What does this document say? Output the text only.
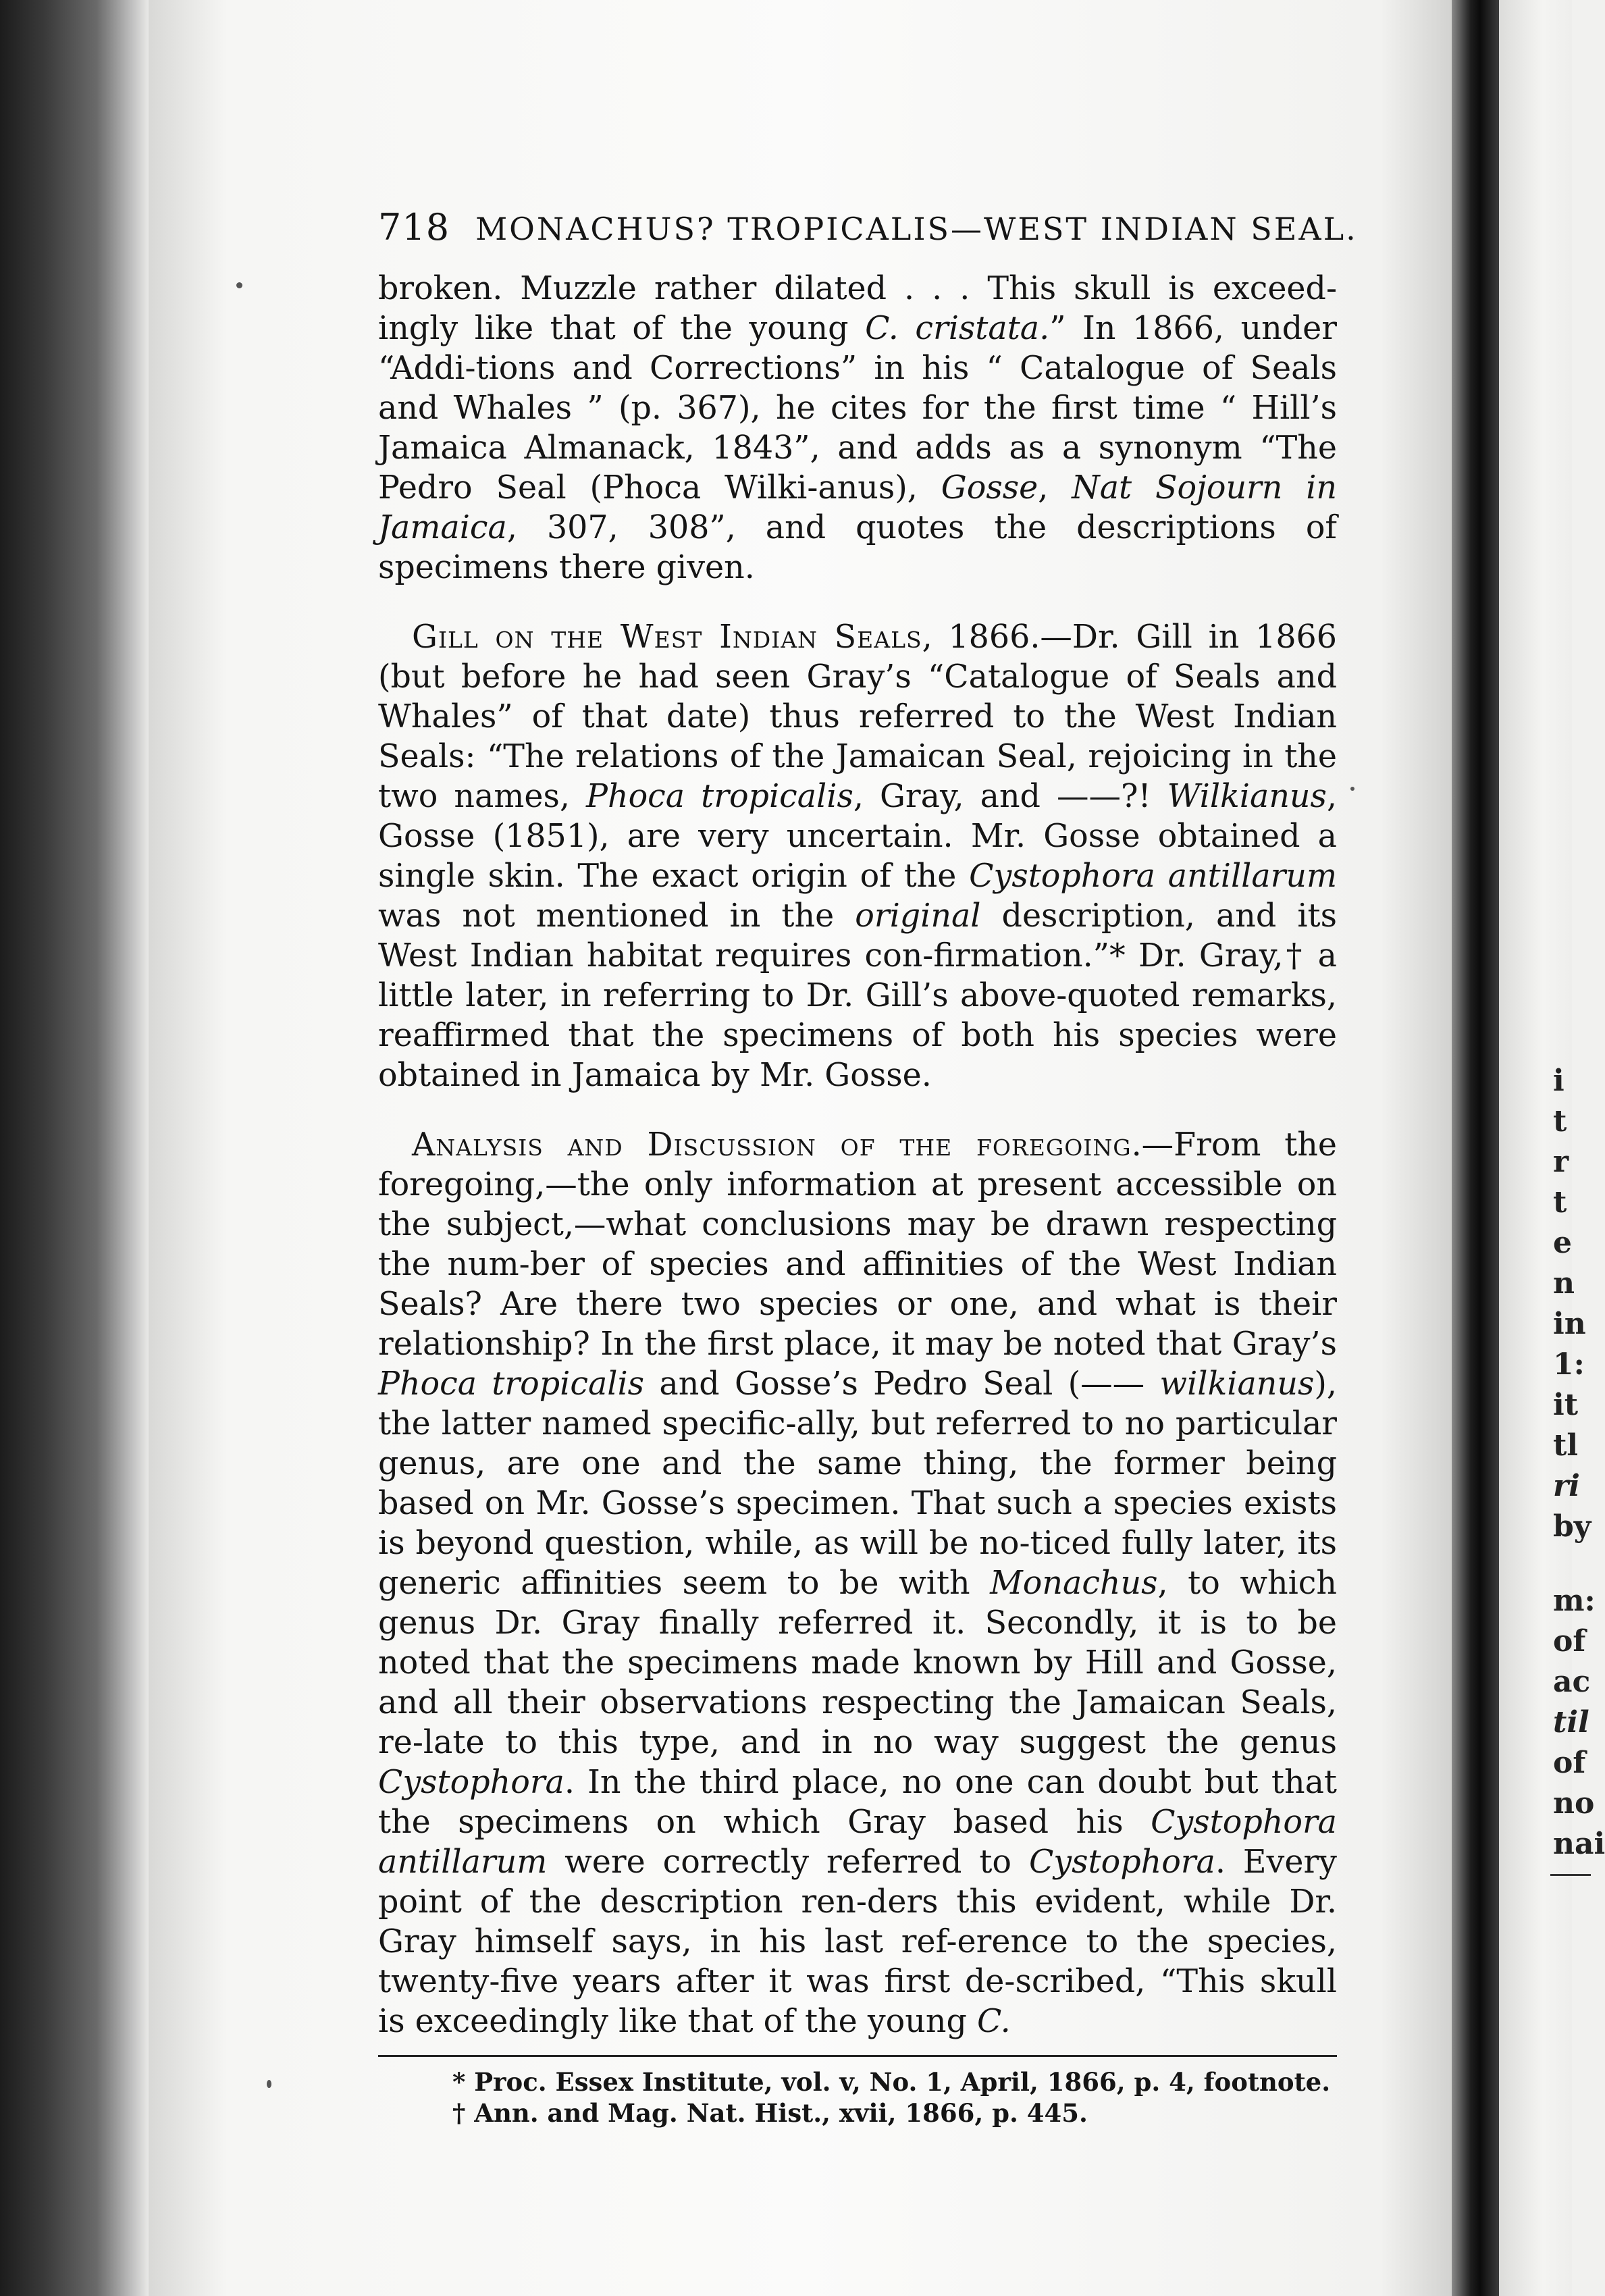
i
t
r
t
e
n
in
1:
it
tl
ri
by
m:
of
ac
til
of
no
nai
718 MONACHUS? TROPICALIS—WEST INDIAN SEAL.

broken. Muzzle rather dilated . . . This skull is exceed-ingly like that of the young C. cristata.” In 1866, under “Addi-tions and Corrections” in his “ Catalogue of Seals and Whales ” (p. 367), he cites for the first time “ Hill’s Jamaica Almanack, 1843”, and adds as a synonym “The Pedro Seal (Phoca Wilki-anus), Gosse, Nat Sojourn in Jamaica, 307, 308”, and quotes the descriptions of specimens there given.

Gill on the West Indian Seals, 1866.—Dr. Gill in 1866 (but before he had seen Gray’s “Catalogue of Seals and Whales” of that date) thus referred to the West Indian Seals: “The relations of the Jamaican Seal, rejoicing in the two names, Phoca tropicalis, Gray, and ——?! Wilkianus, Gosse (1851), are very uncertain. Mr. Gosse obtained a single skin. The exact origin of the Cystophora antillarum was not mentioned in the original description, and its West Indian habitat requires con-firmation.”* Dr. Gray,† a little later, in referring to Dr. Gill’s above-quoted remarks, reaffirmed that the specimens of both his species were obtained in Jamaica by Mr. Gosse.

Analysis and Discussion of the foregoing.—From the foregoing,—the only information at present accessible on the subject,—what conclusions may be drawn respecting the num-ber of species and affinities of the West Indian Seals? Are there two species or one, and what is their relationship? In the first place, it may be noted that Gray’s Phoca tropicalis and Gosse’s Pedro Seal (—— wilkianus), the latter named specific-ally, but referred to no particular genus, are one and the same thing, the former being based on Mr. Gosse’s specimen. That such a species exists is beyond question, while, as will be no-ticed fully later, its generic affinities seem to be with Monachus, to which genus Dr. Gray finally referred it. Secondly, it is to be noted that the specimens made known by Hill and Gosse, and all their observations respecting the Jamaican Seals, re-late to this type, and in no way suggest the genus Cystophora. In the third place, no one can doubt but that the specimens on which Gray based his Cystophora antillarum were correctly referred to Cystophora. Every point of the description ren-ders this evident, while Dr. Gray himself says, in his last ref-erence to the species, twenty-five years after it was first de-scribed, “This skull is exceedingly like that of the young C.

* Proc. Essex Institute, vol. v, No. 1, April, 1866, p. 4, footnote.
† Ann. and Mag. Nat. Hist., xvii, 1866, p. 445.
